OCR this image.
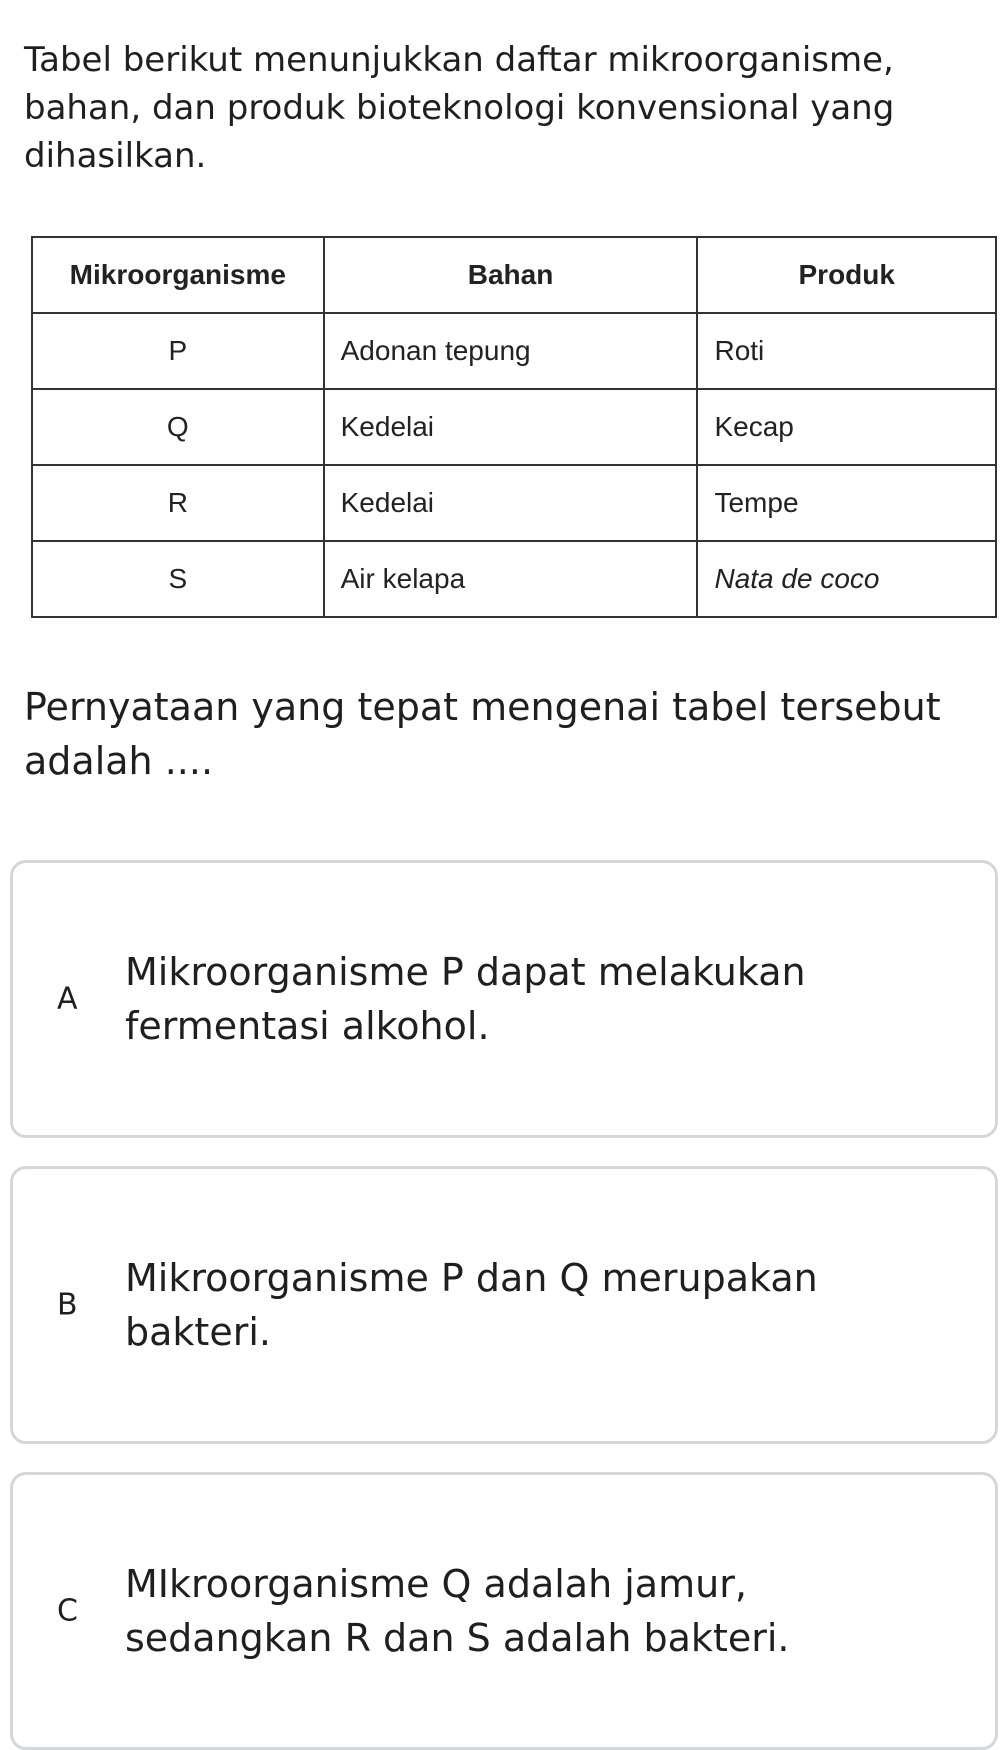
Tabel berikut menunjukkan daftar mikroorganisme, bahan, dan produk bioteknologi konvensional yang dihasilkan.

Mikroorganisme	Bahan	Produk
P	Adonan tepung	Roti
Q	Kedelai	Kecap
R	Kedelai	Tempe
S	Air kelapa	Nata de coco

Pernyataan yang tepat mengenai tabel tersebut adalah ....

A
Mikroorganisme P dapat melakukan fermentasi alkohol.
B
Mikroorganisme P dan Q merupakan bakteri.
C
MIkroorganisme Q adalah jamur, sedangkan R dan S adalah bakteri.
